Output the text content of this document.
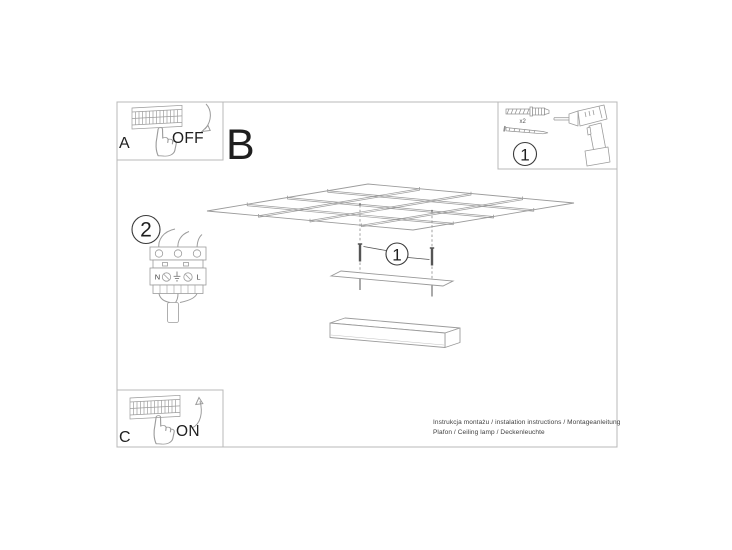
A	OFF B	1
x2
2
N	L
1
C	ON
Instrukcja montażu / instalation instructions / Montageanleitung
Plafon / Ceiling lamp / Deckenleuchte
